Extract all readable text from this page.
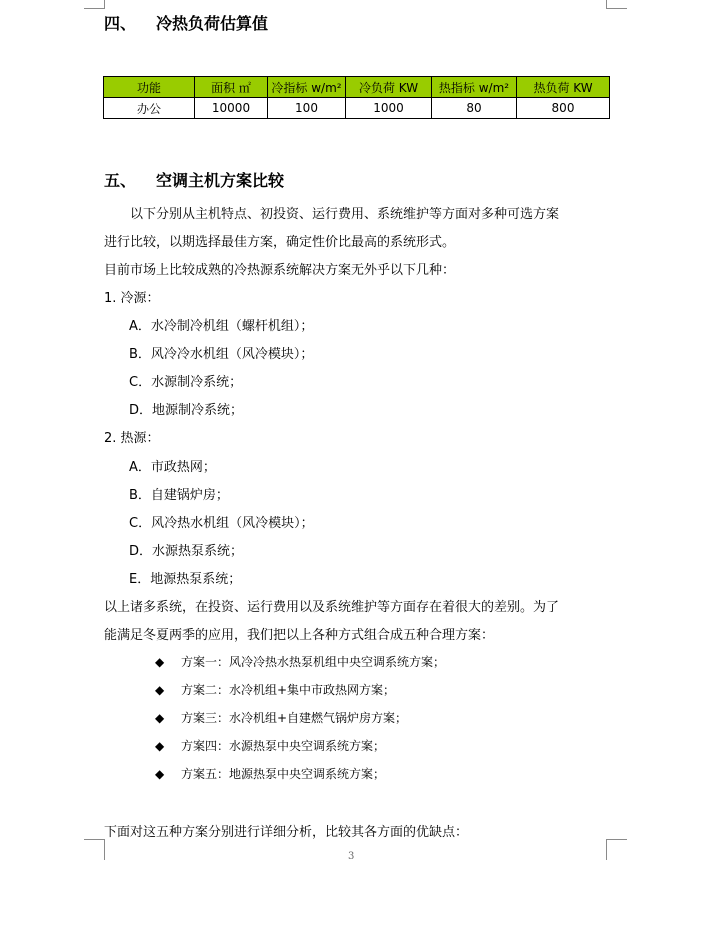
四、 冷热负荷估算值
功能	面积 ㎡	冷指标 w/m²	冷负荷 KW	热指标 w/m²	热负荷 KW
办公	10000	100	1000	80	800
五、 空调主机方案比较

以下分别从主机特点、初投资、运行费用、系统维护等方面对多种可选方案

进行比较，以期选择最佳方案，确定性价比最高的系统形式。

目前市场上比较成熟的冷热源系统解决方案无外乎以下几种：

1. 冷源：

A．水冷制冷机组（螺杆机组）；

B．风冷冷水机组（风冷模块）；

C．水源制冷系统；

D．地源制冷系统；

2. 热源：

A．市政热网；

B．自建锅炉房；

C．风冷热水机组（风冷模块）；

D．水源热泵系统；

E．地源热泵系统；

以上诸多系统，在投资、运行费用以及系统维护等方面存在着很大的差别。为了

能满足冬夏两季的应用，我们把以上各种方式组合成五种合理方案：

◆ 方案一：风冷冷热水热泵机组中央空调系统方案；
◆ 方案二：水冷机组+集中市政热网方案；
◆ 方案三：水冷机组+自建燃气锅炉房方案；
◆ 方案四：水源热泵中央空调系统方案；
◆ 方案五：地源热泵中央空调系统方案；

下面对这五种方案分别进行详细分析，比较其各方面的优缺点：

3
